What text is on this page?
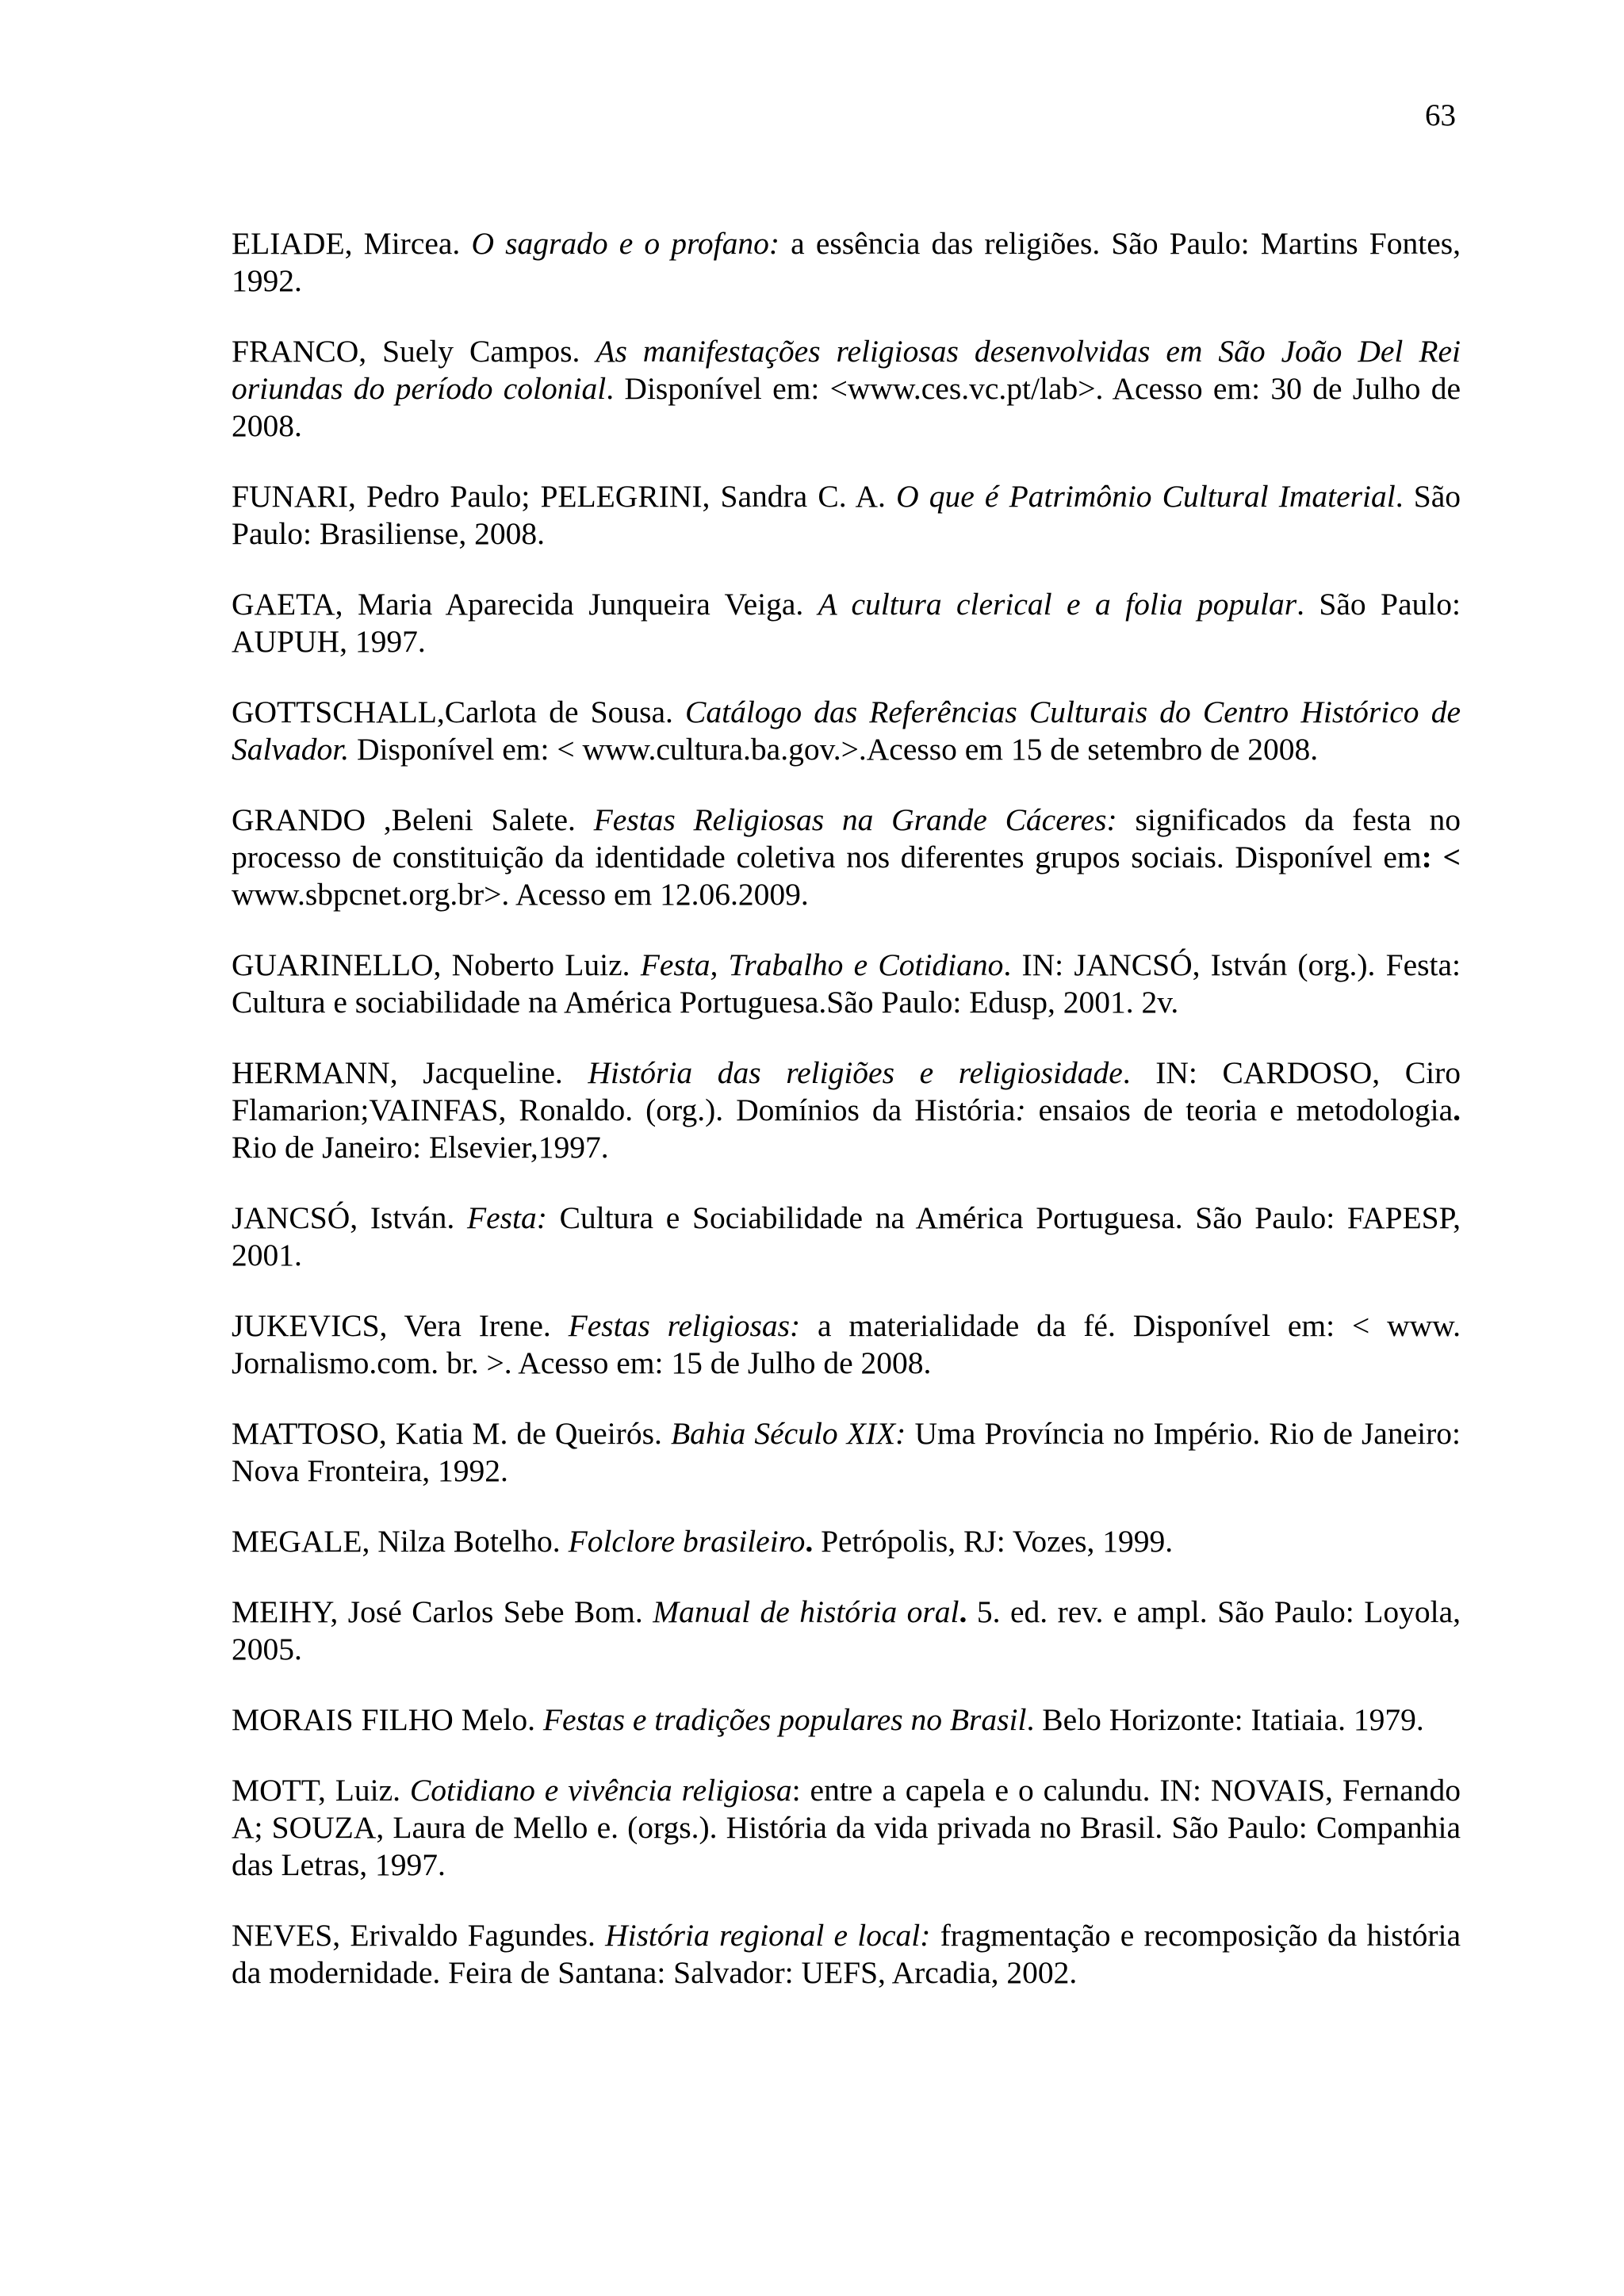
63

ELIADE, Mircea. O sagrado e o profano: a essência das religiões. São Paulo: Martins Fontes, 1992.

FRANCO, Suely Campos. As manifestações religiosas desenvolvidas em São João Del Rei oriundas do período colonial. Disponível em: <www.ces.vc.pt/lab>. Acesso em: 30 de Julho de 2008.

FUNARI, Pedro Paulo; PELEGRINI, Sandra C. A. O que é Patrimônio Cultural Imaterial. São Paulo: Brasiliense, 2008.

GAETA, Maria Aparecida Junqueira Veiga. A cultura clerical e a folia popular. São Paulo: AUPUH, 1997.

GOTTSCHALL,Carlota de Sousa. Catálogo das Referências Culturais do Centro Histórico de Salvador. Disponível em: < www.cultura.ba.gov.>.Acesso em 15 de setembro de 2008.

GRANDO ,Beleni Salete. Festas Religiosas na Grande Cáceres: significados da festa no processo de constituição da identidade coletiva nos diferentes grupos sociais. Disponível em: < www.sbpcnet.org.br>. Acesso em 12.06.2009.

GUARINELLO, Noberto Luiz. Festa, Trabalho e Cotidiano. IN: JANCSÓ, István (org.). Festa: Cultura e sociabilidade na América Portuguesa.São Paulo: Edusp, 2001. 2v.

HERMANN, Jacqueline. História das religiões e religiosidade. IN: CARDOSO, Ciro Flamarion;VAINFAS, Ronaldo. (org.). Domínios da História: ensaios de teoria e metodologia. Rio de Janeiro: Elsevier,1997.

JANCSÓ, István. Festa: Cultura e Sociabilidade na América Portuguesa. São Paulo: FAPESP, 2001.

JUKEVICS, Vera Irene. Festas religiosas: a materialidade da fé. Disponível em: < www. Jornalismo.com. br. >. Acesso em: 15 de Julho de 2008.

MATTOSO, Katia M. de Queirós. Bahia Século XIX: Uma Província no Império. Rio de Janeiro: Nova Fronteira, 1992.

MEGALE, Nilza Botelho. Folclore brasileiro. Petrópolis, RJ: Vozes, 1999.

MEIHY, José Carlos Sebe Bom. Manual de história oral. 5. ed. rev. e ampl. São Paulo: Loyola, 2005.

MORAIS FILHO Melo. Festas e tradições populares no Brasil. Belo Horizonte: Itatiaia. 1979.

MOTT, Luiz. Cotidiano e vivência religiosa: entre a capela e o calundu. IN: NOVAIS, Fernando A; SOUZA, Laura de Mello e. (orgs.). História da vida privada no Brasil. São Paulo: Companhia das Letras, 1997.

NEVES, Erivaldo Fagundes. História regional e local: fragmentação e recomposição da história da modernidade. Feira de Santana: Salvador: UEFS, Arcadia, 2002.
